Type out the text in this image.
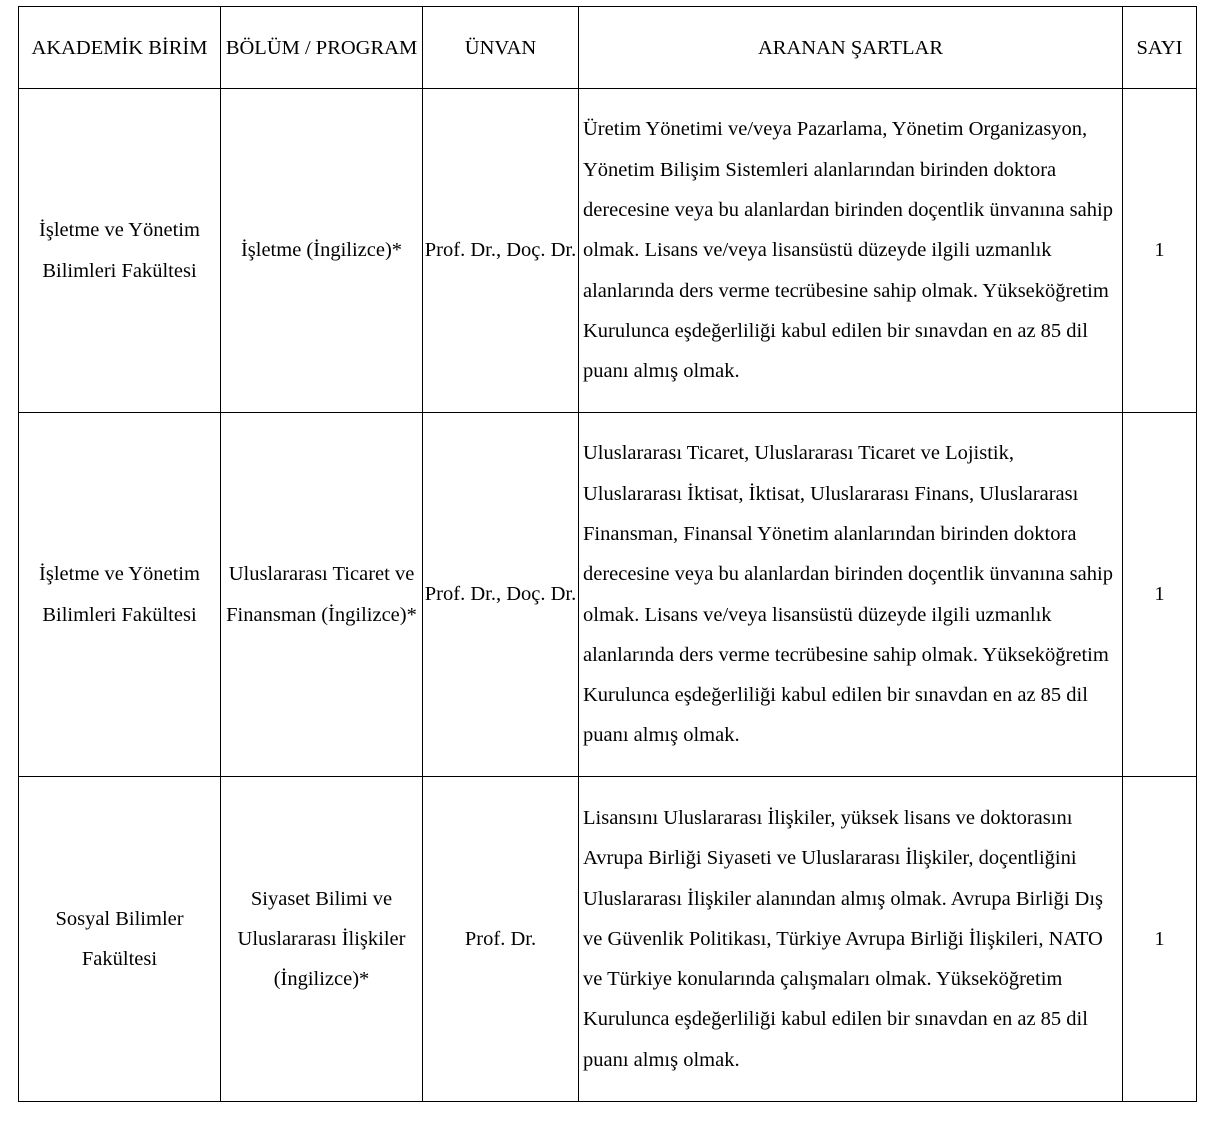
AKADEMİK BİRİM	BÖLÜM / PROGRAM	ÜNVAN	ARANAN ŞARTLAR	SAYI

İşletme ve Yönetim Bilimleri Fakültesi	İşletme (İngilizce)*	Prof. Dr., Doç. Dr.	Üretim Yönetimi ve/veya Pazarlama, Yönetim Organizasyon, Yönetim Bilişim Sistemleri alanlarından birinden doktora derecesine veya bu alanlardan birinden doçentlik ünvanına sahip olmak. Lisans ve/veya lisansüstü düzeyde ilgili uzmanlık alanlarında ders verme tecrübesine sahip olmak. Yükseköğretim Kurulunca eşdeğerliliği kabul edilen bir sınavdan en az 85 dil puanı almış olmak.	1

İşletme ve Yönetim Bilimleri Fakültesi	Uluslararası Ticaret ve Finansman (İngilizce)*	Prof. Dr., Doç. Dr.	Uluslararası Ticaret, Uluslararası Ticaret ve Lojistik, Uluslararası İktisat, İktisat, Uluslararası Finans, Uluslararası Finansman, Finansal Yönetim alanlarından birinden doktora derecesine veya bu alanlardan birinden doçentlik ünvanına sahip olmak. Lisans ve/veya lisansüstü düzeyde ilgili uzmanlık alanlarında ders verme tecrübesine sahip olmak. Yükseköğretim Kurulunca eşdeğerliliği kabul edilen bir sınavdan en az 85 dil puanı almış olmak.	1

Sosyal Bilimler Fakültesi	Siyaset Bilimi ve Uluslararası İlişkiler (İngilizce)*	Prof. Dr.	Lisansını Uluslararası İlişkiler, yüksek lisans ve doktorasını Avrupa Birliği Siyaseti ve Uluslararası İlişkiler, doçentliğini Uluslararası İlişkiler alanından almış olmak. Avrupa Birliği Dış ve Güvenlik Politikası, Türkiye Avrupa Birliği İlişkileri, NATO ve Türkiye konularında çalışmaları olmak. Yükseköğretim Kurulunca eşdeğerliliği kabul edilen bir sınavdan en az 85 dil puanı almış olmak.	1
